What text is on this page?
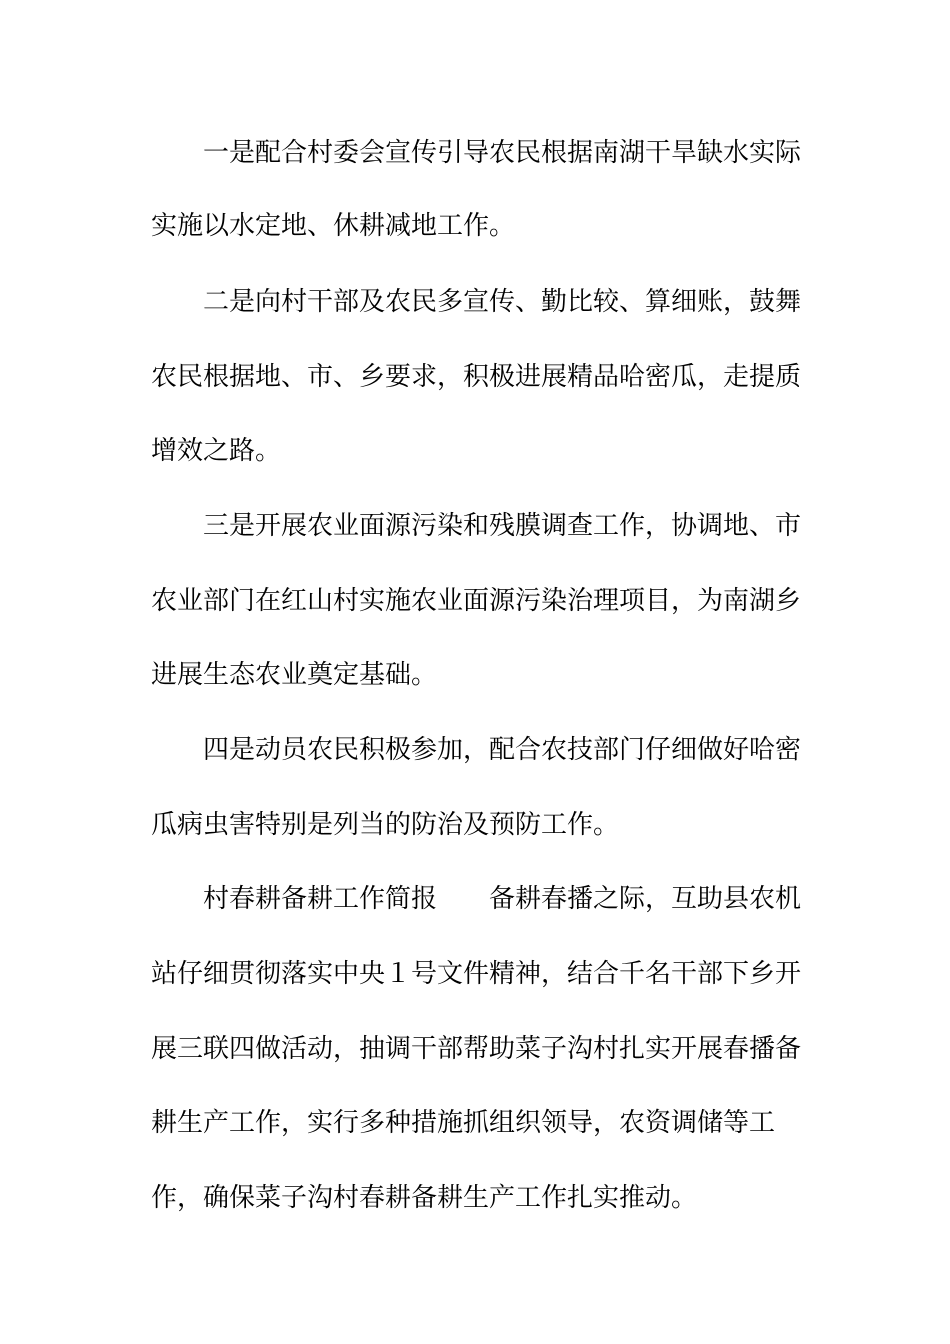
一是配合村委会宣传引导农民根据南湖干旱缺水实际
实施以水定地、休耕减地工作。
二是向村干部及农民多宣传、勤比较、算细账，鼓舞
农民根据地、市、乡要求，积极进展精品哈密瓜，走提质
增效之路。
三是开展农业面源污染和残膜调查工作，协调地、市
农业部门在红山村实施农业面源污染治理项目，为南湖乡
进展生态农业奠定基础。
四是动员农民积极参加，配合农技部门仔细做好哈密
瓜病虫害特别是列当的防治及预防工作。
村春耕备耕工作简报　　备耕春播之际，互助县农机
站仔细贯彻落实中央１号文件精神，结合千名干部下乡开
展三联四做活动，抽调干部帮助菜子沟村扎实开展春播备
耕生产工作，实行多种措施抓组织领导，农资调储等工
作，确保菜子沟村春耕备耕生产工作扎实推动。
